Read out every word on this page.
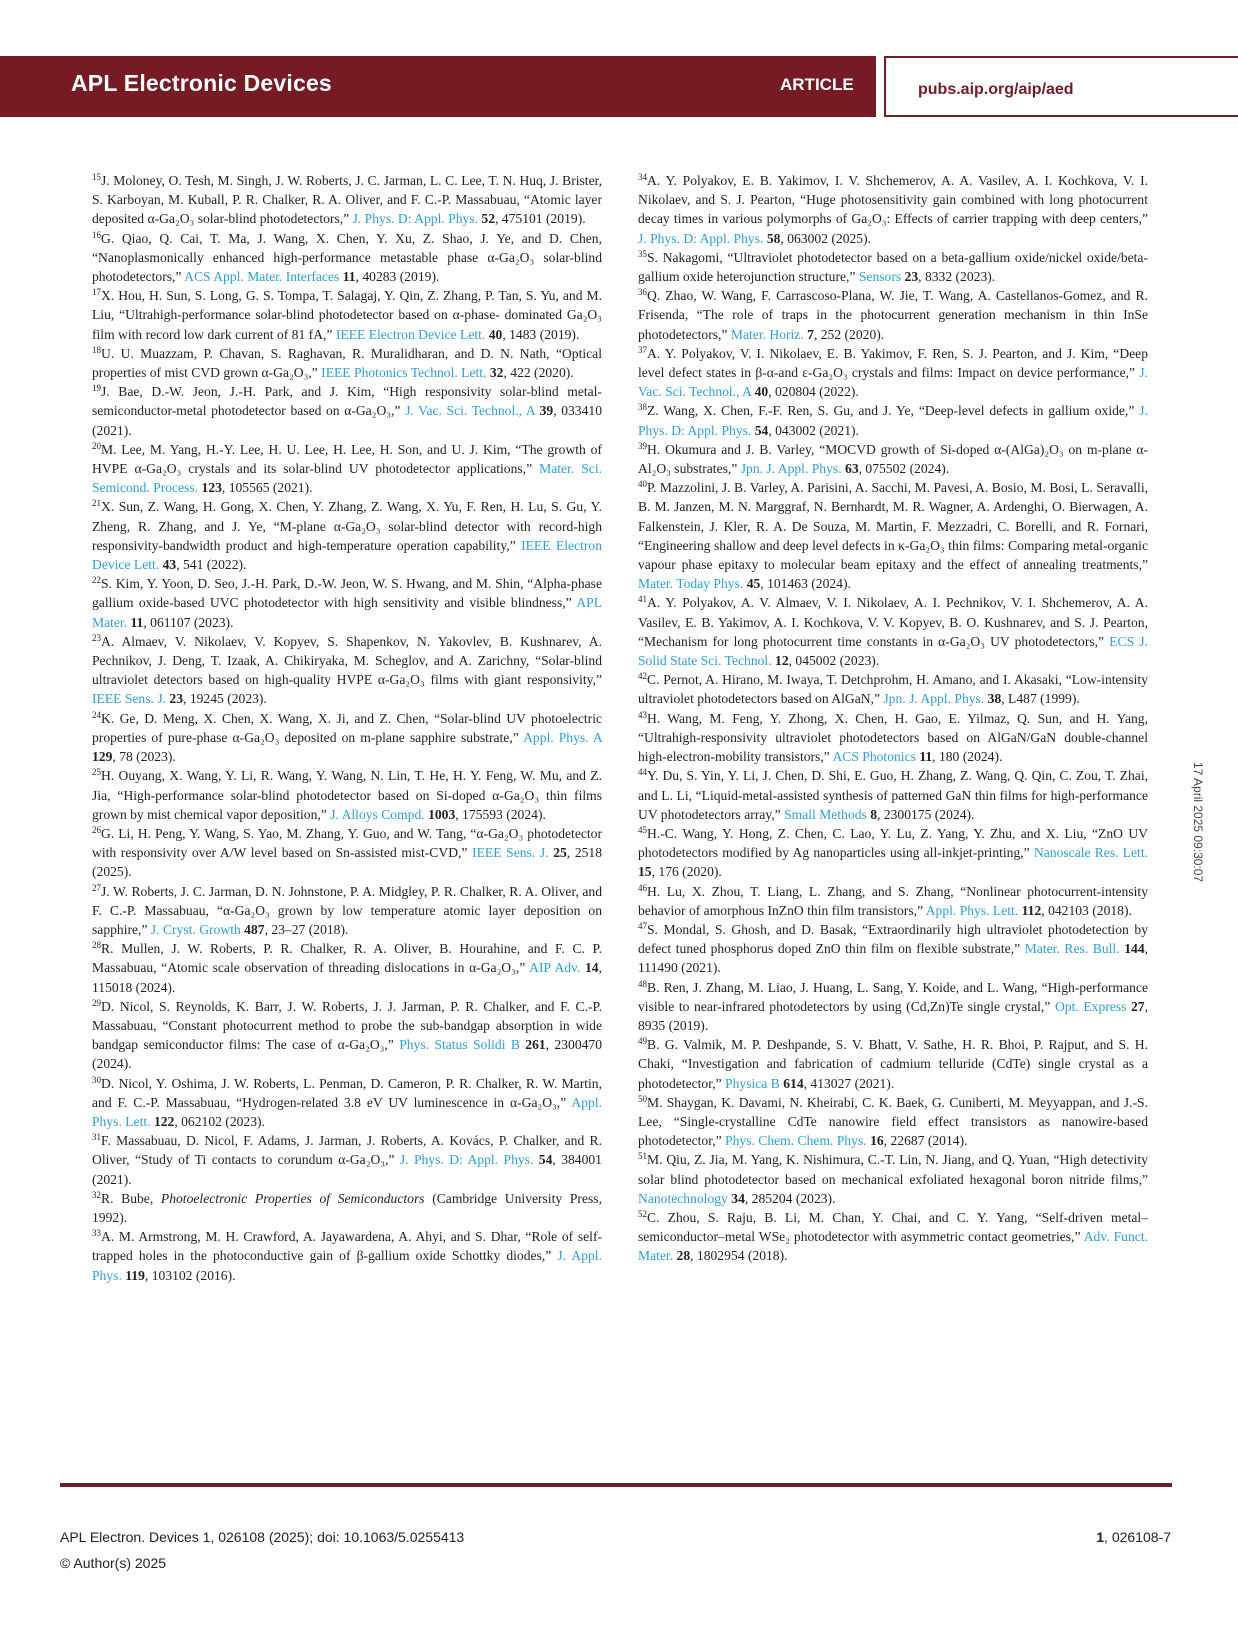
APL Electronic Devices	ARTICLE	pubs.aip.org/aip/aed

$^{15}$J. Moloney, O. Tesh, M. Singh, J. W. Roberts, J. C. Jarman, L. C. Lee, T. N. Huq, J. Brister, S. Karboyan, M. Kuball, P. R. Chalker, R. A. Oliver, and F. C.-P. Massabuau, “Atomic layer deposited α-Ga₂O₃ solar-blind photodetectors,” J. Phys. D: Appl. Phys. 52, 475101 (2019).

$^{16}$G. Qiao, Q. Cai, T. Ma, J. Wang, X. Chen, Y. Xu, Z. Shao, J. Ye, and D. Chen, “Nanoplasmonically enhanced high-performance metastable phase α-Ga₂O₃ solar-blind photodetectors,” ACS Appl. Mater. Interfaces 11, 40283 (2019).

$^{17}$X. Hou, H. Sun, S. Long, G. S. Tompa, T. Salagaj, Y. Qin, Z. Zhang, P. Tan, S. Yu, and M. Liu, “Ultrahigh-performance solar-blind photodetector based on α-phase- dominated Ga₂O₃ film with record low dark current of 81 fA,” IEEE Electron Device Lett. 40, 1483 (2019).

$^{18}$U. U. Muazzam, P. Chavan, S. Raghavan, R. Muralidharan, and D. N. Nath, “Optical properties of mist CVD grown α-Ga₂O₃,” IEEE Photonics Technol. Lett. 32, 422 (2020).

$^{19}$J. Bae, D.-W. Jeon, J.-H. Park, and J. Kim, “High responsivity solar-blind metal-semiconductor-metal photodetector based on α-Ga₂O₃,” J. Vac. Sci. Technol., A 39, 033410 (2021).

$^{20}$M. Lee, M. Yang, H.-Y. Lee, H. U. Lee, H. Lee, H. Son, and U. J. Kim, “The growth of HVPE α-Ga₂O₃ crystals and its solar-blind UV photodetector applications,” Mater. Sci. Semicond. Process. 123, 105565 (2021).

$^{21}$X. Sun, Z. Wang, H. Gong, X. Chen, Y. Zhang, Z. Wang, X. Yu, F. Ren, H. Lu, S. Gu, Y. Zheng, R. Zhang, and J. Ye, “M-plane α-Ga₂O₃ solar-blind detector with record-high responsivity-bandwidth product and high-temperature operation capability,” IEEE Electron Device Lett. 43, 541 (2022).

$^{22}$S. Kim, Y. Yoon, D. Seo, J.-H. Park, D.-W. Jeon, W. S. Hwang, and M. Shin, “Alpha-phase gallium oxide-based UVC photodetector with high sensitivity and visible blindness,” APL Mater. 11, 061107 (2023).

$^{23}$A. Almaev, V. Nikolaev, V. Kopyev, S. Shapenkov, N. Yakovlev, B. Kushnarev, A. Pechnikov, J. Deng, T. Izaak, A. Chikiryaka, M. Scheglov, and A. Zarichny, “Solar-blind ultraviolet detectors based on high-quality HVPE α-Ga₂O₃ films with giant responsivity,” IEEE Sens. J. 23, 19245 (2023).

$^{24}$K. Ge, D. Meng, X. Chen, X. Wang, X. Ji, and Z. Chen, “Solar-blind UV photoelectric properties of pure-phase α-Ga₂O₃ deposited on m-plane sapphire substrate,” Appl. Phys. A 129, 78 (2023).

$^{25}$H. Ouyang, X. Wang, Y. Li, R. Wang, Y. Wang, N. Lin, T. He, H. Y. Feng, W. Mu, and Z. Jia, “High-performance solar-blind photodetector based on Si-doped α-Ga₂O₃ thin films grown by mist chemical vapor deposition,” J. Alloys Compd. 1003, 175593 (2024).

$^{26}$G. Li, H. Peng, Y. Wang, S. Yao, M. Zhang, Y. Guo, and W. Tang, “α-Ga₂O₃ photodetector with responsivity over A/W level based on Sn-assisted mist-CVD,” IEEE Sens. J. 25, 2518 (2025).

$^{27}$J. W. Roberts, J. C. Jarman, D. N. Johnstone, P. A. Midgley, P. R. Chalker, R. A. Oliver, and F. C.-P. Massabuau, “α-Ga₂O₃ grown by low temperature atomic layer deposition on sapphire,” J. Cryst. Growth 487, 23–27 (2018).

$^{28}$R. Mullen, J. W. Roberts, P. R. Chalker, R. A. Oliver, B. Hourahine, and F. C. P. Massabuau, “Atomic scale observation of threading dislocations in α-Ga₂O₃,” AIP Adv. 14, 115018 (2024).

$^{29}$D. Nicol, S. Reynolds, K. Barr, J. W. Roberts, J. J. Jarman, P. R. Chalker, and F. C.-P. Massabuau, “Constant photocurrent method to probe the sub-bandgap absorption in wide bandgap semiconductor films: The case of α-Ga₂O₃,” Phys. Status Solidi B 261, 2300470 (2024).

$^{30}$D. Nicol, Y. Oshima, J. W. Roberts, L. Penman, D. Cameron, P. R. Chalker, R. W. Martin, and F. C.-P. Massabuau, “Hydrogen-related 3.8 eV UV luminescence in α-Ga₂O₃,” Appl. Phys. Lett. 122, 062102 (2023).

$^{31}$F. Massabuau, D. Nicol, F. Adams, J. Jarman, J. Roberts, A. Kovács, P. Chalker, and R. Oliver, “Study of Ti contacts to corundum α-Ga₂O₃,” J. Phys. D: Appl. Phys. 54, 384001 (2021).

$^{32}$R. Bube, Photoelectronic Properties of Semiconductors (Cambridge University Press, 1992).

$^{33}$A. M. Armstrong, M. H. Crawford, A. Jayawardena, A. Ahyi, and S. Dhar, “Role of self-trapped holes in the photoconductive gain of β-gallium oxide Schottky diodes,” J. Appl. Phys. 119, 103102 (2016).

$^{34}$A. Y. Polyakov, E. B. Yakimov, I. V. Shchemerov, A. A. Vasilev, A. I. Kochkova, V. I. Nikolaev, and S. J. Pearton, “Huge photosensitivity gain combined with long photocurrent decay times in various polymorphs of Ga₂O₃: Effects of carrier trapping with deep centers,” J. Phys. D: Appl. Phys. 58, 063002 (2025).

$^{35}$S. Nakagomi, “Ultraviolet photodetector based on a beta-gallium oxide/nickel oxide/beta-gallium oxide heterojunction structure,” Sensors 23, 8332 (2023).

$^{36}$Q. Zhao, W. Wang, F. Carrascoso-Plana, W. Jie, T. Wang, A. Castellanos-Gomez, and R. Frisenda, “The role of traps in the photocurrent generation mechanism in thin InSe photodetectors,” Mater. Horiz. 7, 252 (2020).

$^{37}$A. Y. Polyakov, V. I. Nikolaev, E. B. Yakimov, F. Ren, S. J. Pearton, and J. Kim, “Deep level defect states in β-α-and ε-Ga₂O₃ crystals and films: Impact on device performance,” J. Vac. Sci. Technol., A 40, 020804 (2022).

$^{38}$Z. Wang, X. Chen, F.-F. Ren, S. Gu, and J. Ye, “Deep-level defects in gallium oxide,” J. Phys. D: Appl. Phys. 54, 043002 (2021).

$^{39}$H. Okumura and J. B. Varley, “MOCVD growth of Si-doped α-(AlGa)₂O₃ on m-plane α-Al₂O₃ substrates,” Jpn. J. Appl. Phys. 63, 075502 (2024).

$^{40}$P. Mazzolini, J. B. Varley, A. Parisini, A. Sacchi, M. Pavesi, A. Bosio, M. Bosi, L. Seravalli, B. M. Janzen, M. N. Marggraf, N. Bernhardt, M. R. Wagner, A. Ardenghi, O. Bierwagen, A. Falkenstein, J. Kler, R. A. De Souza, M. Martin, F. Mezzadri, C. Borelli, and R. Fornari, “Engineering shallow and deep level defects in κ-Ga₂O₃ thin films: Comparing metal-organic vapour phase epitaxy to molecular beam epitaxy and the effect of annealing treatments,” Mater. Today Phys. 45, 101463 (2024).

$^{41}$A. Y. Polyakov, A. V. Almaev, V. I. Nikolaev, A. I. Pechnikov, V. I. Shchemerov, A. A. Vasilev, E. B. Yakimov, A. I. Kochkova, V. V. Kopyev, B. O. Kushnarev, and S. J. Pearton, “Mechanism for long photocurrent time constants in α-Ga₂O₃ UV photodetectors,” ECS J. Solid State Sci. Technol. 12, 045002 (2023).

$^{42}$C. Pernot, A. Hirano, M. Iwaya, T. Detchprohm, H. Amano, and I. Akasaki, “Low-intensity ultraviolet photodetectors based on AlGaN,” Jpn. J. Appl. Phys. 38, L487 (1999).

$^{43}$H. Wang, M. Feng, Y. Zhong, X. Chen, H. Gao, E. Yilmaz, Q. Sun, and H. Yang, “Ultrahigh-responsivity ultraviolet photodetectors based on AlGaN/GaN double-channel high-electron-mobility transistors,” ACS Photonics 11, 180 (2024).

$^{44}$Y. Du, S. Yin, Y. Li, J. Chen, D. Shi, E. Guo, H. Zhang, Z. Wang, Q. Qin, C. Zou, T. Zhai, and L. Li, “Liquid-metal-assisted synthesis of patterned GaN thin films for high-performance UV photodetectors array,” Small Methods 8, 2300175 (2024).

$^{45}$H.-C. Wang, Y. Hong, Z. Chen, C. Lao, Y. Lu, Z. Yang, Y. Zhu, and X. Liu, “ZnO UV photodetectors modified by Ag nanoparticles using all-inkjet-printing,” Nanoscale Res. Lett. 15, 176 (2020).

$^{46}$H. Lu, X. Zhou, T. Liang, L. Zhang, and S. Zhang, “Nonlinear photocurrent-intensity behavior of amorphous InZnO thin film transistors,” Appl. Phys. Lett. 112, 042103 (2018).

$^{47}$S. Mondal, S. Ghosh, and D. Basak, “Extraordinarily high ultraviolet photodetection by defect tuned phosphorus doped ZnO thin film on flexible substrate,” Mater. Res. Bull. 144, 111490 (2021).

$^{48}$B. Ren, J. Zhang, M. Liao, J. Huang, L. Sang, Y. Koide, and L. Wang, “High-performance visible to near-infrared photodetectors by using (Cd,Zn)Te single crystal,” Opt. Express 27, 8935 (2019).

$^{49}$B. G. Valmik, M. P. Deshpande, S. V. Bhatt, V. Sathe, H. R. Bhoi, P. Rajput, and S. H. Chaki, “Investigation and fabrication of cadmium telluride (CdTe) single crystal as a photodetector,” Physica B 614, 413027 (2021).

$^{50}$M. Shaygan, K. Davami, N. Kheirabi, C. K. Baek, G. Cuniberti, M. Meyyappan, and J.-S. Lee, “Single-crystalline CdTe nanowire field effect transistors as nanowire-based photodetector,” Phys. Chem. Chem. Phys. 16, 22687 (2014).

$^{51}$M. Qiu, Z. Jia, M. Yang, K. Nishimura, C.-T. Lin, N. Jiang, and Q. Yuan, “High detectivity solar blind photodetector based on mechanical exfoliated hexagonal boron nitride films,” Nanotechnology 34, 285204 (2023).

$^{52}$C. Zhou, S. Raju, B. Li, M. Chan, Y. Chai, and C. Y. Yang, “Self-driven metal–semiconductor–metal WSe₂ photodetector with asymmetric contact geometries,” Adv. Funct. Mater. 28, 1802954 (2018).

17 April 2025 09:30:07
APL Electron. Devices 1, 026108 (2025); doi: 10.1063/5.0255413
© Author(s) 2025
1, 026108-7
